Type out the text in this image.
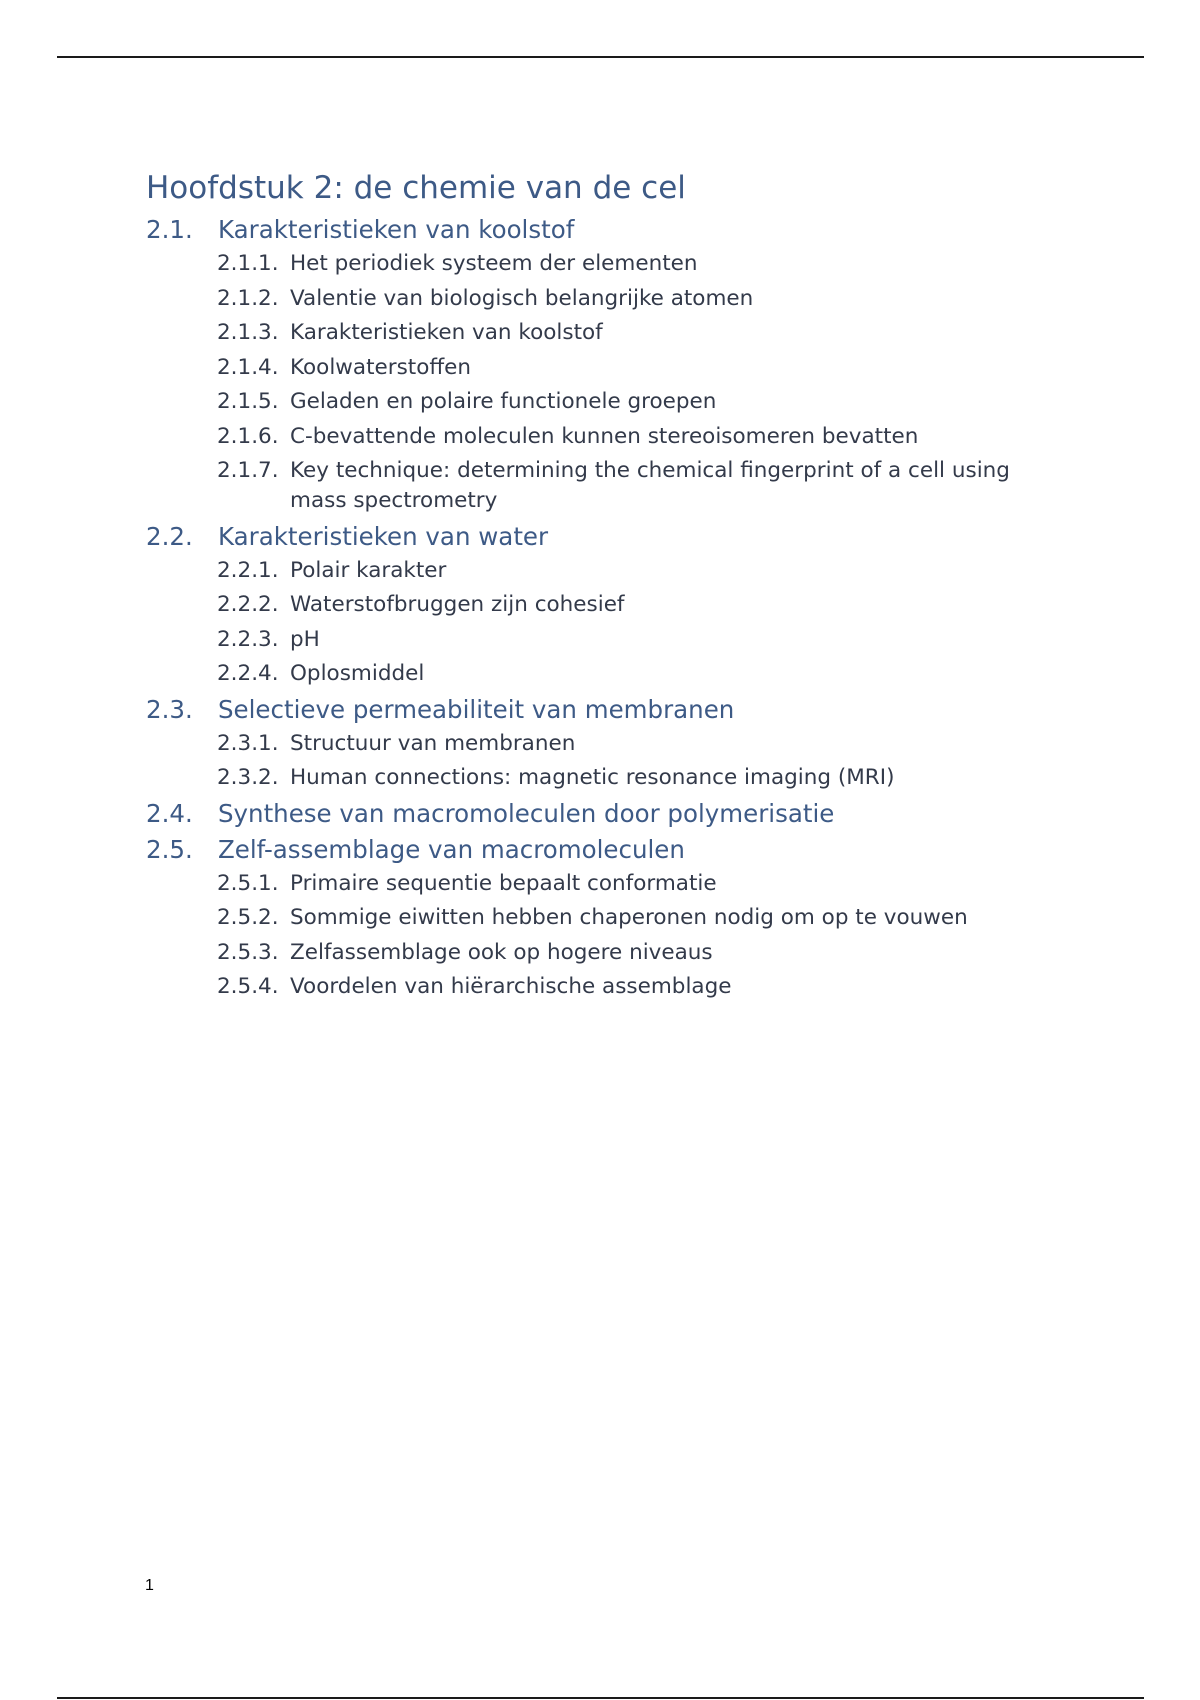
Hoofdstuk 2: de chemie van de cel
2.1.	Karakteristieken van koolstof
2.1.1. Het periodiek systeem der elementen
2.1.2. Valentie van biologisch belangrijke atomen
2.1.3. Karakteristieken van koolstof
2.1.4. Koolwaterstoffen
2.1.5. Geladen en polaire functionele groepen
2.1.6. C-bevattende moleculen kunnen stereoisomeren bevatten
2.1.7. Key technique: determining the chemical fingerprint of a cell using mass spectrometry
2.2.	Karakteristieken van water
2.2.1. Polair karakter
2.2.2. Waterstofbruggen zijn cohesief
2.2.3. pH
2.2.4. Oplosmiddel
2.3.	Selectieve permeabiliteit van membranen
2.3.1. Structuur van membranen
2.3.2. Human connections: magnetic resonance imaging (MRI)
2.4.	Synthese van macromoleculen door polymerisatie
2.5.	Zelf-assemblage van macromoleculen
2.5.1. Primaire sequentie bepaalt conformatie
2.5.2. Sommige eiwitten hebben chaperonen nodig om op te vouwen
2.5.3. Zelfassemblage ook op hogere niveaus
2.5.4. Voordelen van hiërarchische assemblage
1
